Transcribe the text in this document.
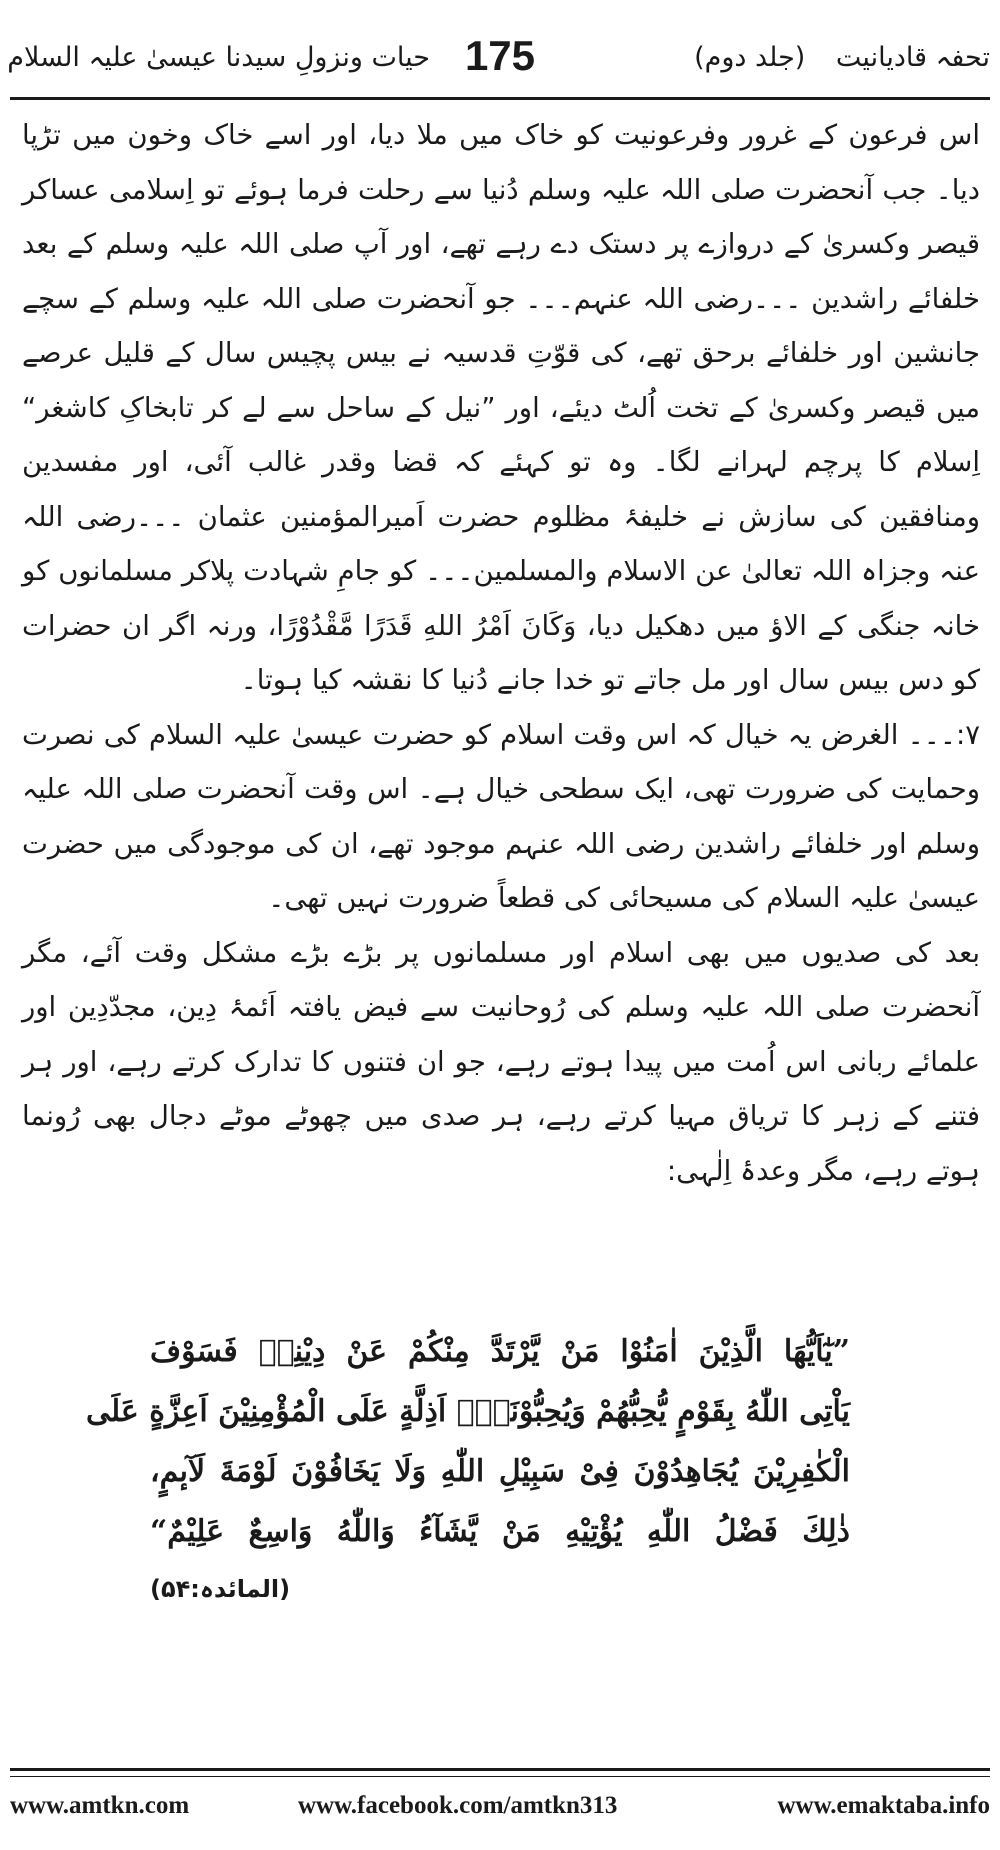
تحفہ قادیانیت (جلد دوم)
175
حیات ونزولِ سیدنا عیسیٰ علیہ السلام

اس فرعون کے غرور وفرعونیت کو خاک میں ملا دیا، اور اسے خاک وخون میں تڑپا دیا۔ جب آنحضرت صلی اللہ علیہ وسلم دُنیا سے رحلت فرما ہوئے تو اِسلامی عساکر قیصر وکسریٰ کے دروازے پر دستک دے رہے تھے، اور آپ صلی اللہ علیہ وسلم کے بعد خلفائے راشدین ۔۔۔رضی اللہ عنہم۔۔۔ جو آنحضرت صلی اللہ علیہ وسلم کے سچے جانشین اور خلفائے برحق تھے، کی قوّتِ قدسیہ نے بیس پچیس سال کے قلیل عرصے میں قیصر وکسریٰ کے تخت اُلٹ دیئے، اور ”نیل کے ساحل سے لے کر تابخاکِ کاشغر“ اِسلام کا پرچم لہرانے لگا۔ وہ تو کہئے کہ قضا وقدر غالب آئی، اور مفسدین ومنافقین کی سازش نے خلیفۂ مظلوم حضرت اَمیرالمؤمنین عثمان ۔۔۔رضی اللہ عنہ وجزاہ اللہ تعالیٰ عن الاسلام والمسلمین۔۔۔ کو جامِ شہادت پلاکر مسلمانوں کو خانہ جنگی کے الاؤ میں دھکیل دیا، وَکَانَ اَمْرُ اللهِ قَدَرًا مَّقْدُوْرًا، ورنہ اگر ان حضرات کو دس بیس سال اور مل جاتے تو خدا جانے دُنیا کا نقشہ کیا ہوتا۔

۷:۔۔۔ الغرض یہ خیال کہ اس وقت اسلام کو حضرت عیسیٰ علیہ السلام کی نصرت وحمایت کی ضرورت تھی، ایک سطحی خیال ہے۔ اس وقت آنحضرت صلی اللہ علیہ وسلم اور خلفائے راشدین رضی اللہ عنہم موجود تھے، ان کی موجودگی میں حضرت عیسیٰ علیہ السلام کی مسیحائی کی قطعاً ضرورت نہیں تھی۔

بعد کی صدیوں میں بھی اسلام اور مسلمانوں پر بڑے بڑے مشکل وقت آئے، مگر آنحضرت صلی اللہ علیہ وسلم کی رُوحانیت سے فیض یافتہ اَئمۂ دِین، مجدّدِین اور علمائے ربانی اس اُمت میں پیدا ہوتے رہے، جو ان فتنوں کا تدارک کرتے رہے، اور ہر فتنے کے زہر کا تریاق مہیا کرتے رہے، ہر صدی میں چھوٹے موٹے دجال بھی رُونما ہوتے رہے، مگر وعدۂ اِلٰہی:

”یٰٓاَیُّهَا الَّذِیْنَ اٰمَنُوْا مَنْ یَّرْتَدَّ مِنْكُمْ عَنْ دِیْنِهٖ فَسَوْفَ
یَاْتِی اللّٰهُ بِقَوْمٍ یُّحِبُّهُمْ وَیُحِبُّوْنَهٗۤ اَذِلَّةٍ عَلَى الْمُؤْمِنِیْنَ اَعِزَّةٍ عَلَى
الْكٰفِرِیْنَ یُجَاهِدُوْنَ فِیْ سَبِیْلِ اللّٰهِ وَلَا یَخَافُوْنَ لَوْمَةَ لَآىٕمٍ،
ذٰلِكَ فَضْلُ اللّٰهِ یُؤْتِیْهِ مَنْ یَّشَآءُ وَاللّٰهُ وَاسِعٌ عَلِیْمٌ“
(المائدہ:۵۴)
www.amtkn.com	www.facebook.com/amtkn313	www.emaktaba.info
